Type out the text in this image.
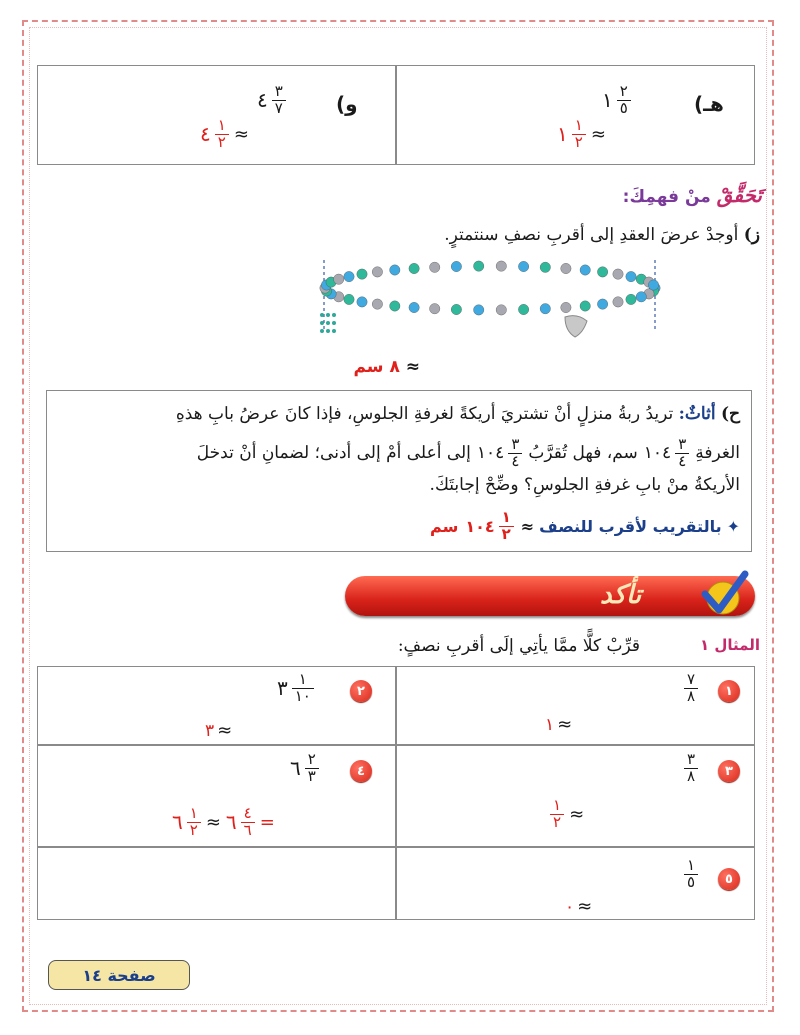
هـ)
١ $\frac{٢}{٥}$
١ $\frac{١}{٢}$ ≈
و)
٤ $\frac{٣}{٧}$
٤ $\frac{١}{٢}$ ≈
تَحَقَّقْ منْ فهمِكَ:
ز) أوجدْ عرضَ العقدِ إلى أقربِ نصفِ سنتمترٍ.
≈ ٨ سم
ح) أثاثٌ: تريدُ ربةُ منزلٍ أنْ تشتريَ أريكةً لغرفةِ الجلوسِ، فإذا كانَ عرضُ بابِ هذهِ
الغرفةِ
١٠٤ $\frac{٣}{٤}$
سم، فهل تُقرَّبُ
١٠٤ $\frac{٣}{٤}$
إلى أعلى أمْ إلى أدنى؛ لضمانِ أنْ تدخلَ
الأريكةُ منْ بابِ غرفةِ الجلوسِ؟ وضِّحْ إجابتَكَ.
✦
بالتقريب لأقرب للنصف
≈
١٠٤ $\frac{١}{٢}$
سم
تأكد
المثال ١
قرِّبْ كلًّا ممَّا يأتِي إلَى أقربِ نصفٍ:
١
$\frac{٧}{٨}$
١ ≈
٢
٣ $\frac{١}{١٠}$
٣ ≈
٣
$\frac{٣}{٨}$
$\frac{١}{٢}$ ≈
٤
٦ $\frac{٢}{٣}$
٦ $\frac{١}{٢}$ ≈ ٦ $\frac{٤}{٦}$ =
٥
$\frac{١}{٥}$
٠ ≈
صفحة ١٤
